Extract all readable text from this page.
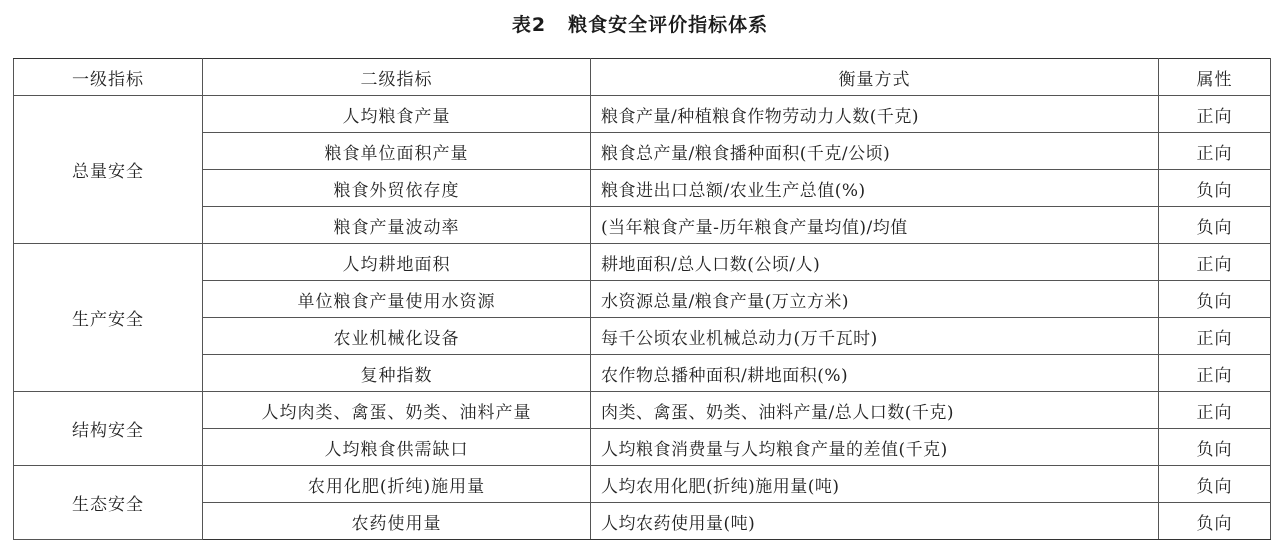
表2 粮食安全评价指标体系
一级指标	二级指标	衡量方式	属性
总量安全	人均粮食产量	粮食产量/种植粮食作物劳动力人数(千克)	正向
	粮食单位面积产量	粮食总产量/粮食播种面积(千克/公顷)	正向
	粮食外贸依存度	粮食进出口总额/农业生产总值(%)	负向
	粮食产量波动率	(当年粮食产量-历年粮食产量均值)/均值	负向
生产安全	人均耕地面积	耕地面积/总人口数(公顷/人)	正向
	单位粮食产量使用水资源	水资源总量/粮食产量(万立方米)	负向
	农业机械化设备	每千公顷农业机械总动力(万千瓦时)	正向
	复种指数	农作物总播种面积/耕地面积(%)	正向
结构安全	人均肉类、禽蛋、奶类、油料产量	肉类、禽蛋、奶类、油料产量/总人口数(千克)	正向
	人均粮食供需缺口	人均粮食消费量与人均粮食产量的差值(千克)	负向
生态安全	农用化肥(折纯)施用量	人均农用化肥(折纯)施用量(吨)	负向
	农药使用量	人均农药使用量(吨)	负向
